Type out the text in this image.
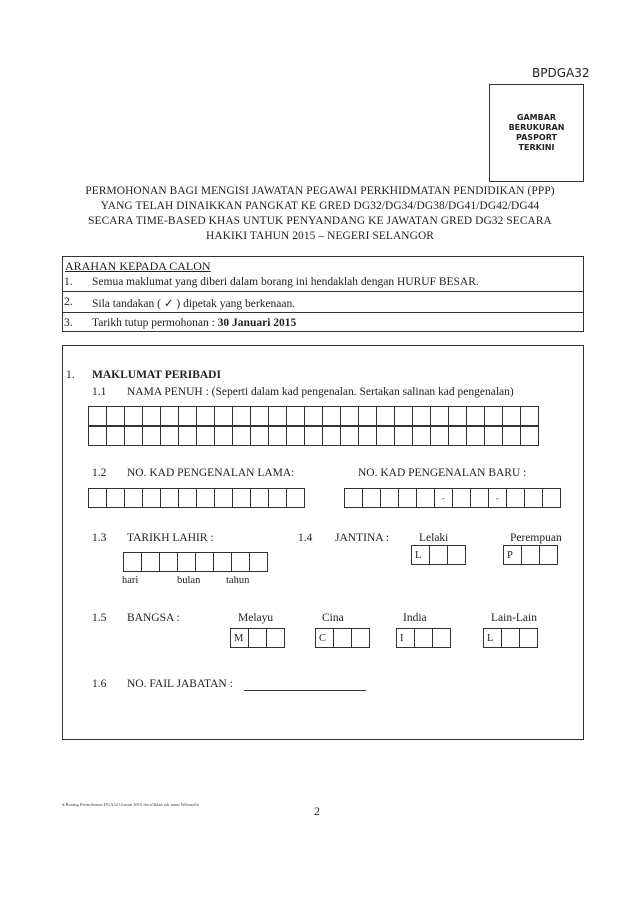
BPDGA32
GAMBAR
BERUKURAN
PASPORT
TERKINI
PERMOHONAN BAGI MENGISI JAWATAN PEGAWAI PERKHIDMATAN PENDIDIKAN (PPP)
YANG TELAH DINAIKKAN PANGKAT KE GRED DG32/DG34/DG38/DG41/DG42/DG44
SECARA TIME-BASED KHAS UNTUK PENYANDANG KE JAWATAN GRED DG32 SECARA
HAKIKI TAHUN 2015 – NEGERI SELANGOR
ARAHAN KEPADA CALON
1. Semua maklumat yang diberi dalam borang ini hendaklah dengan HURUF BESAR.
2. Sila tandakan ( ✓ ) dipetak yang berkenaan.
3. Tarikh tutup permohonan : 30 Januari 2015
1. MAKLUMAT PERIBADI
1.1 NAMA PENUH : (Seperti dalam kad pengenalan. Sertakan salinan kad pengenalan)
1.2 NO. KAD PENGENALAN LAMA:	NO. KAD PENGENALAN BARU :
-	-
1.3 TARIKH LAHIR :
hari	bulan tahun
1.4 JANTINA :	Lelaki	Perempuan
L	P
1.5 BANGSA :	Melayu	Cina	India	Lain-Lain
M	C	I	L
1.6 NO. FAIL JABATAN :
d:Borang Permohonan DGA32 Urusan 2015.docx\Iklan ssk tamn Webradi/a	2
